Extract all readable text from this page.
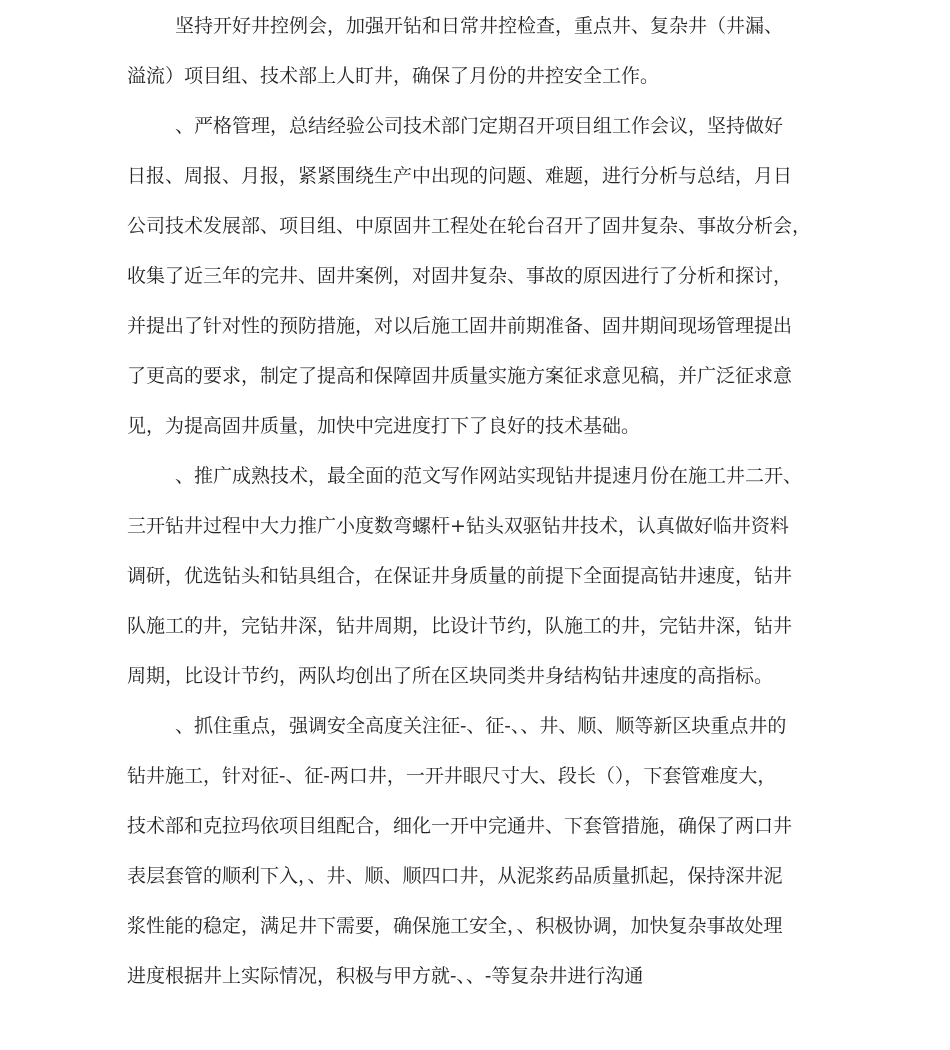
坚持开好井控例会，加强开钻和日常井控检查，重点井、复杂井（井漏、
溢流）项目组、技术部上人盯井，确保了月份的井控安全工作。
、严格管理，总结经验公司技术部门定期召开项目组工作会议，坚持做好
日报、周报、月报，紧紧围绕生产中出现的问题、难题，进行分析与总结，月日
公司技术发展部、项目组、中原固井工程处在轮台召开了固井复杂、事故分析会，
收集了近三年的完井、固井案例，对固井复杂、事故的原因进行了分析和探讨，
并提出了针对性的预防措施，对以后施工固井前期准备、固井期间现场管理提出
了更高的要求，制定了提高和保障固井质量实施方案征求意见稿，并广泛征求意
见，为提高固井质量，加快中完进度打下了良好的技术基础。
、推广成熟技术，最全面的范文写作网站实现钻井提速月份在施工井二开、
三开钻井过程中大力推广小度数弯螺杆+钻头双驱钻井技术，认真做好临井资料
调研，优选钻头和钻具组合，在保证井身质量的前提下全面提高钻井速度，钻井
队施工的井，完钻井深，钻井周期，比设计节约，队施工的井，完钻井深，钻井
周期，比设计节约，两队均创出了所在区块同类井身结构钻井速度的高指标。
、抓住重点，强调安全高度关注征-、征-、、井、顺、顺等新区块重点井的
钻井施工，针对征-、征-两口井，一开井眼尺寸大、段长（），下套管难度大，
技术部和克拉玛依项目组配合，细化一开中完通井、下套管措施，确保了两口井
表层套管的顺利下入，、井、顺、顺四口井，从泥浆药品质量抓起，保持深井泥
浆性能的稳定，满足井下需要，确保施工安全，、积极协调，加快复杂事故处理
进度根据井上实际情况，积极与甲方就-、、-等复杂井进行沟通
